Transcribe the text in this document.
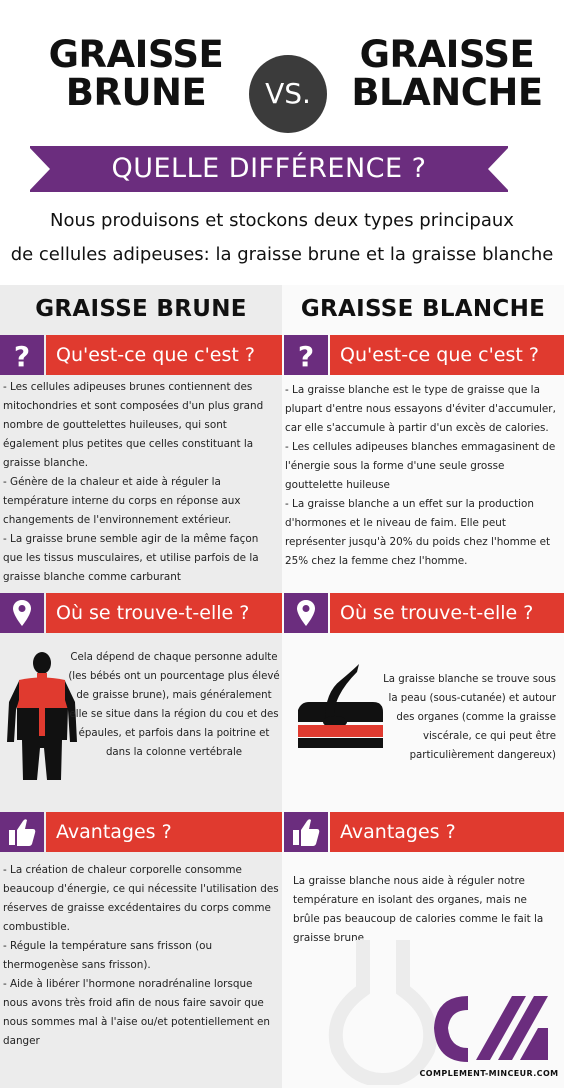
GRAISSE
BRUNE	VS.
GRAISSE
BLANCHE
QUELLE DIFFÉRENCE ?
Nous produisons et stockons deux types principaux
de cellules adipeuses: la graisse brune et la graisse blanche
GRAISSE BRUNE	GRAISSE BLANCHE
?	Qu'est-ce que c'est ?	?	Qu'est-ce que c'est ?

- Les cellules adipeuses brunes contiennent des mitochondries et sont composées d'un plus grand nombre de gouttelettes huileuses, qui sont également plus petites que celles constituant la graisse blanche.

- Génère de la chaleur et aide à réguler la température interne du corps en réponse aux changements de l'environnement extérieur.

- La graisse brune semble agir de la même façon que les tissus musculaires, et utilise parfois de la graisse blanche comme carburant

- La graisse blanche est le type de graisse que la plupart d'entre nous essayons d'éviter d'accumuler, car elle s'accumule à partir d'un excès de calories.

- Les cellules adipeuses blanches emmagasinent de l'énergie sous la forme d'une seule grosse gouttelette huileuse

- La graisse blanche a un effet sur la production d'hormones et le niveau de faim. Elle peut représenter jusqu'à 20% du poids chez l'homme et 25% chez la femme chez l'homme.

Où se trouve-t-elle ?	Où se trouve-t-elle ?
Cela dépend de chaque personne adulte (les bébés ont un pourcentage plus élevé de graisse brune), mais généralement elle se situe dans la région du cou et des épaules, et parfois dans la poitrine et dans la colonne vertébrale
La graisse blanche se trouve sous la peau (sous-cutanée) et autour des organes (comme la graisse viscérale, ce qui peut être particulièrement dangereux)
Avantages ?	Avantages ?

- La création de chaleur corporelle consomme beaucoup d'énergie, ce qui nécessite l'utilisation des réserves de graisse excédentaires du corps comme combustible.

- Régule la température sans frisson (ou thermogenèse sans frisson).

- Aide à libérer l'hormone noradrénaline lorsque nous avons très froid afin de nous faire savoir que nous sommes mal à l'aise ou/et potentiellement en danger

La graisse blanche nous aide à réguler notre température en isolant des organes, mais ne brûle pas beaucoup de calories comme le fait la graisse brune
COMPLEMENT-MINCEUR.COM
